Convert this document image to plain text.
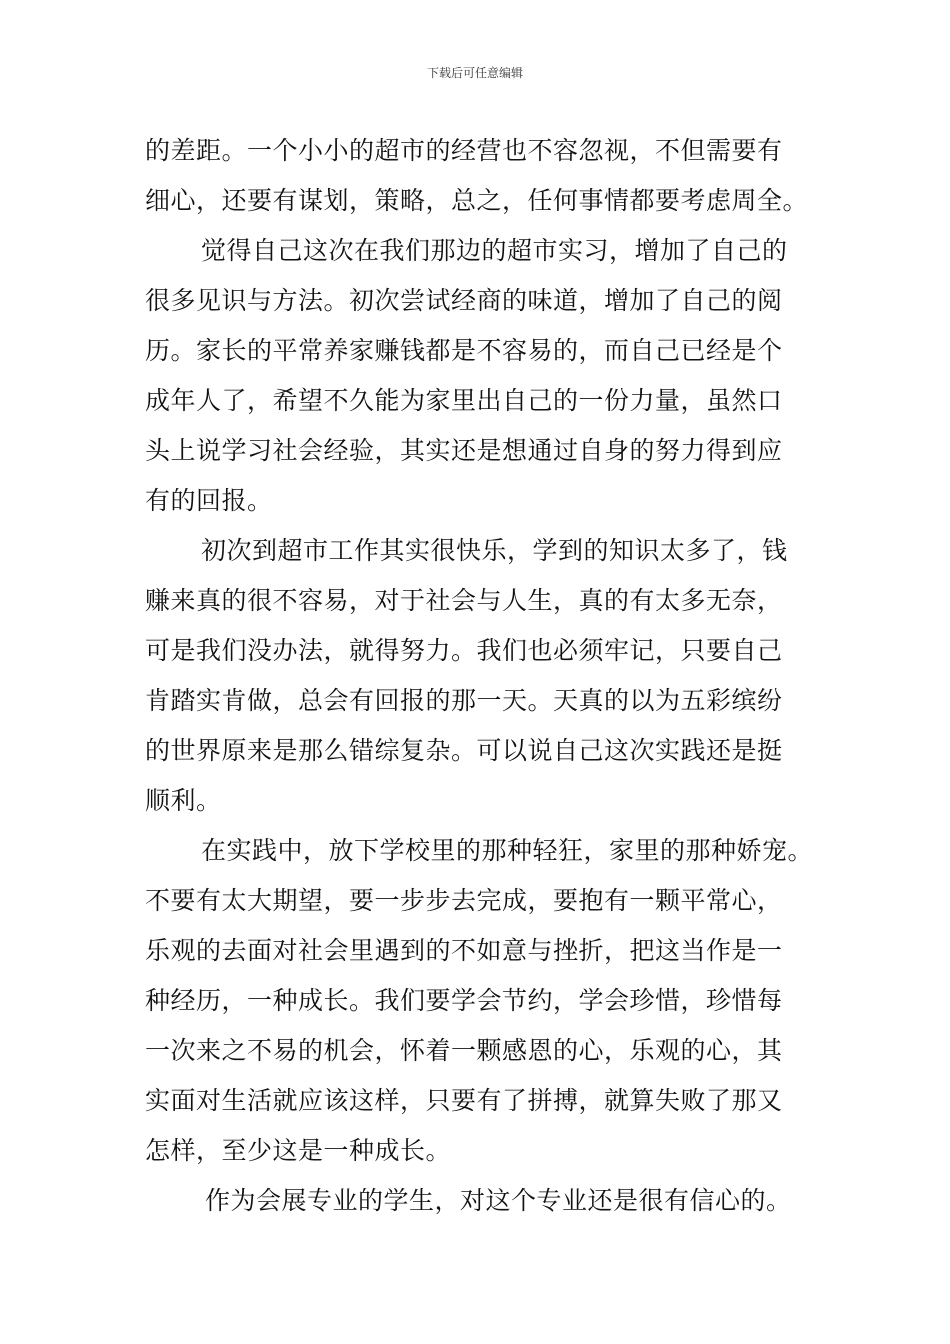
下载后可任意编辑
的差距。一个小小的超市的经营也不容忽视，不但需要有
细心，还要有谋划，策略，总之，任何事情都要考虑周全。
觉得自己这次在我们那边的超市实习，增加了自己的
很多见识与方法。初次尝试经商的味道，增加了自己的阅
历。家长的平常养家赚钱都是不容易的，而自己已经是个
成年人了，希望不久能为家里出自己的一份力量，虽然口
头上说学习社会经验，其实还是想通过自身的努力得到应
有的回报。
初次到超市工作其实很快乐，学到的知识太多了，钱
赚来真的很不容易，对于社会与人生，真的有太多无奈，
可是我们没办法，就得努力。我们也必须牢记，只要自己
肯踏实肯做，总会有回报的那一天。天真的以为五彩缤纷
的世界原来是那么错综复杂。可以说自己这次实践还是挺
顺利。
在实践中，放下学校里的那种轻狂，家里的那种娇宠。
不要有太大期望，要一步步去完成，要抱有一颗平常心，
乐观的去面对社会里遇到的不如意与挫折，把这当作是一
种经历，一种成长。我们要学会节约，学会珍惜，珍惜每
一次来之不易的机会，怀着一颗感恩的心，乐观的心，其
实面对生活就应该这样，只要有了拼搏，就算失败了那又
怎样，至少这是一种成长。
作为会展专业的学生，对这个专业还是很有信心的。
